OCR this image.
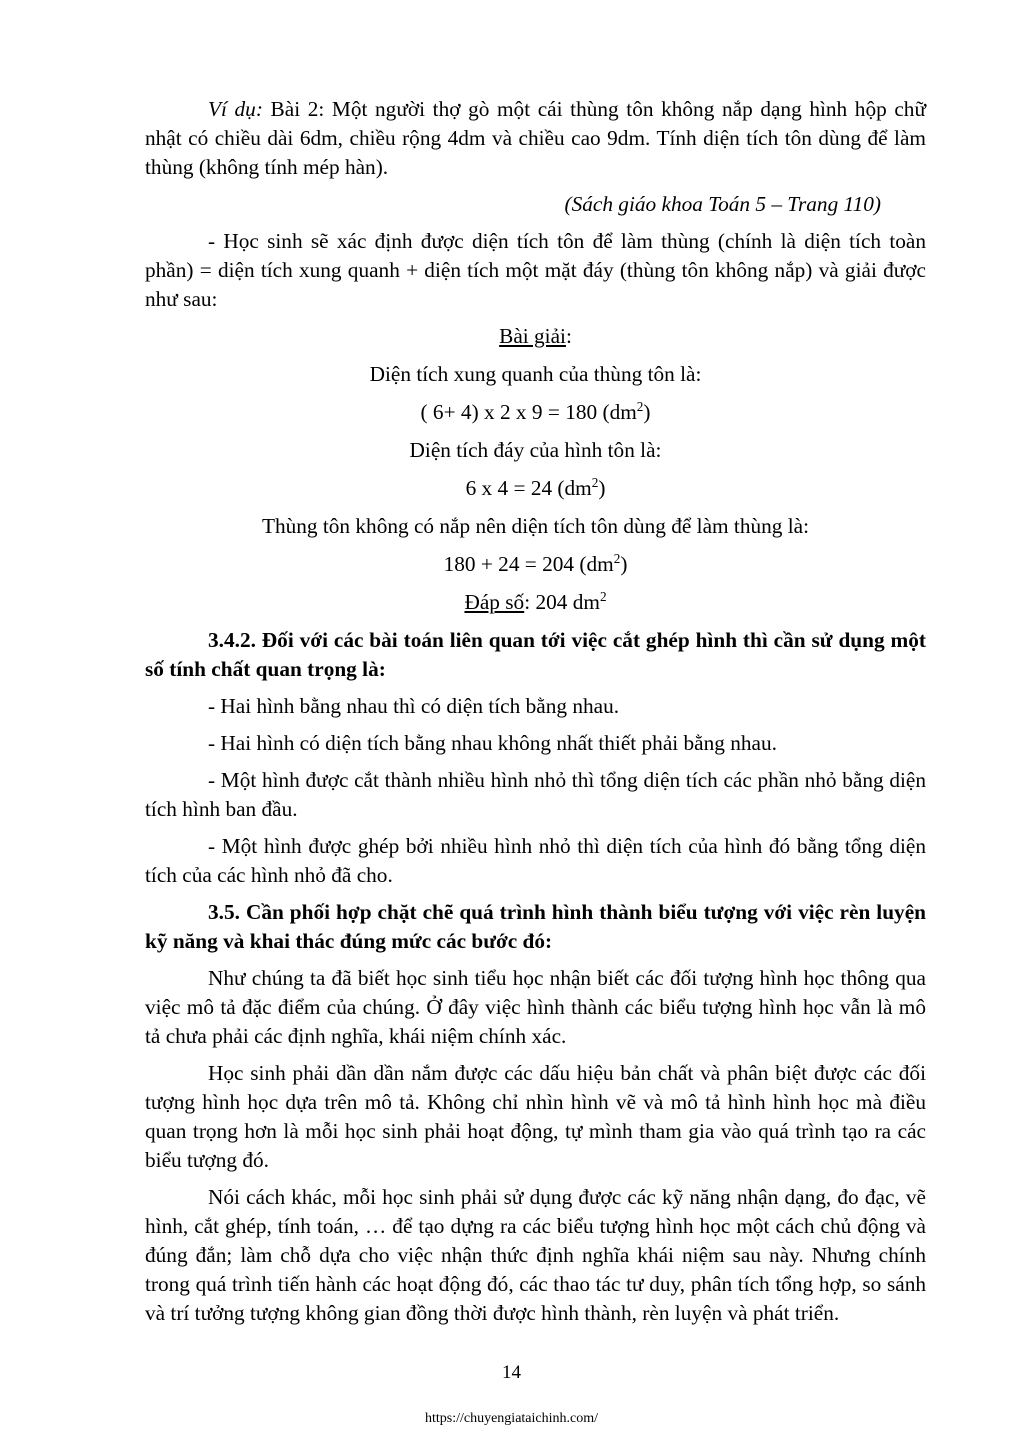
Ví dụ: Bài 2: Một người thợ gò một cái thùng tôn không nắp dạng hình hộp chữ nhật có chiều dài 6dm, chiều rộng 4dm và chiều cao 9dm. Tính diện tích tôn dùng để làm thùng (không tính mép hàn).

(Sách giáo khoa Toán 5 – Trang 110)

- Học sinh sẽ xác định được diện tích tôn để làm thùng (chính là diện tích toàn phần) = diện tích xung quanh + diện tích một mặt đáy (thùng tôn không nắp) và giải được như sau:

Bài giải:

Diện tích xung quanh của thùng tôn là:

( 6+ 4) x 2 x 9 = 180 $(dm^2)$

Diện tích đáy của hình tôn là:

6 x 4 = 24 $(dm^2)$

Thùng tôn không có nắp nên diện tích tôn dùng để làm thùng là:

180 + 24 = 204 $(dm^2)$

Đáp số: 204 $dm^2$

3.4.2. Đối với các bài toán liên quan tới việc cắt ghép hình thì cần sử dụng một số tính chất quan trọng là:

- Hai hình bằng nhau thì có diện tích bằng nhau.

- Hai hình có diện tích bằng nhau không nhất thiết phải bằng nhau.

- Một hình được cắt thành nhiều hình nhỏ thì tổng diện tích các phần nhỏ bằng diện tích hình ban đầu.

- Một hình được ghép bởi nhiều hình nhỏ thì diện tích của hình đó bằng tổng diện tích của các hình nhỏ đã cho.

3.5. Cần phối hợp chặt chẽ quá trình hình thành biểu tượng với việc rèn luyện kỹ năng và khai thác đúng mức các bước đó:

Như chúng ta đã biết học sinh tiểu học nhận biết các đối tượng hình học thông qua việc mô tả đặc điểm của chúng. Ở đây việc hình thành các biểu tượng hình học vẫn là mô tả chưa phải các định nghĩa, khái niệm chính xác.

Học sinh phải dần dần nắm được các dấu hiệu bản chất và phân biệt được các đối tượng hình học dựa trên mô tả. Không chỉ nhìn hình vẽ và mô tả hình hình học mà điều quan trọng hơn là mỗi học sinh phải hoạt động, tự mình tham gia vào quá trình tạo ra các biểu tượng đó.

Nói cách khác, mỗi học sinh phải sử dụng được các kỹ năng nhận dạng, đo đạc, vẽ hình, cắt ghép, tính toán, … để tạo dựng ra các biểu tượng hình học một cách chủ động và đúng đắn; làm chỗ dựa cho việc nhận thức định nghĩa khái niệm sau này. Nhưng chính trong quá trình tiến hành các hoạt động đó, các thao tác tư duy, phân tích tổng hợp, so sánh và trí tưởng tượng không gian đồng thời được hình thành, rèn luyện và phát triển.

14
https://chuyengiataichinh.com/
